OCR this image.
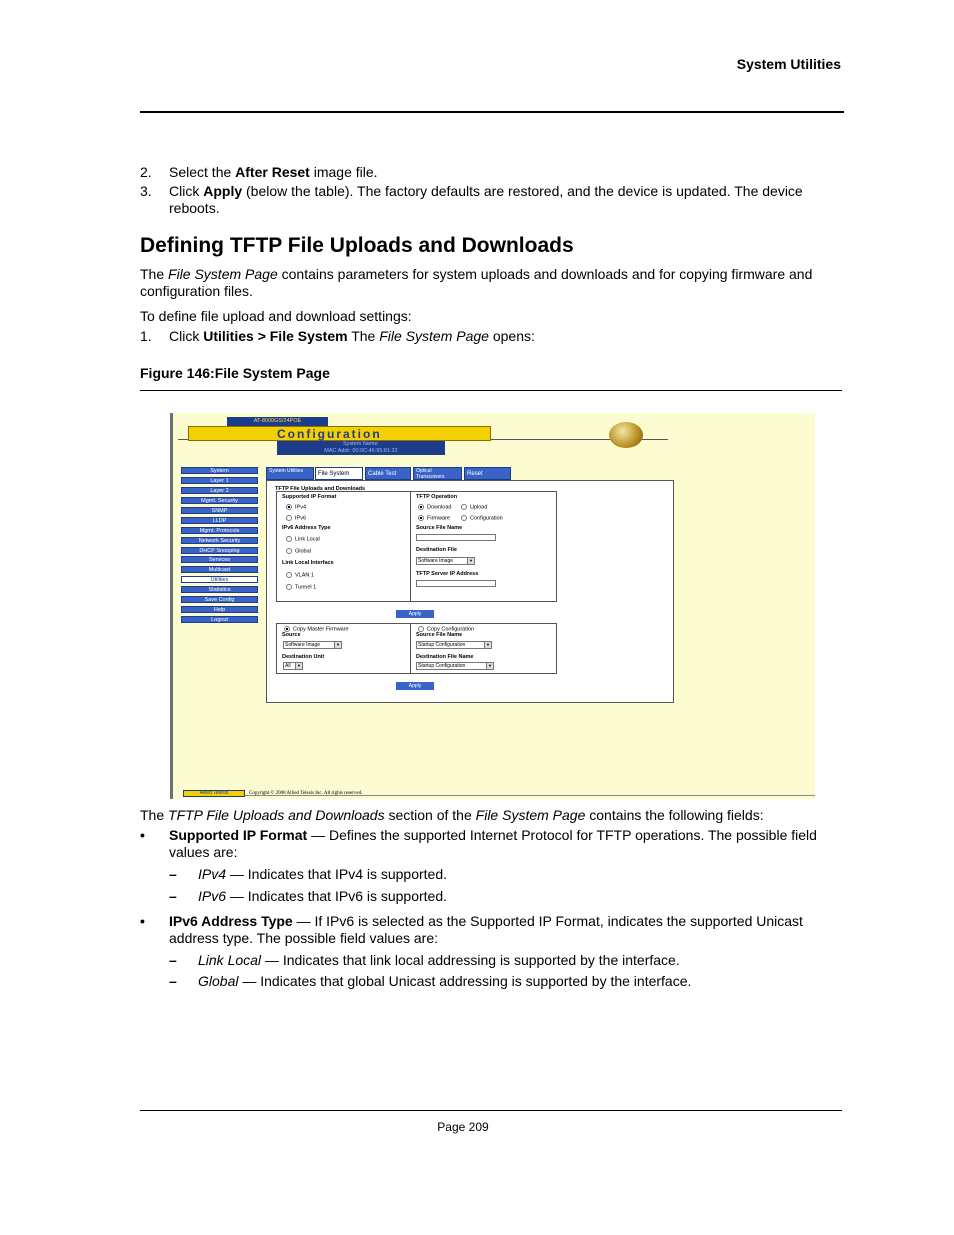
System Utilities
2. Select the After Reset image file.
3. Click Apply (below the table). The factory defaults are restored, and the device is updated. The device reboots.
Defining TFTP File Uploads and Downloads
The File System Page contains parameters for system uploads and downloads and for copying firmware and configuration files.
To define file upload and download settings:
1. Click Utilities > File System The File System Page opens:
Figure 146:File System Page
AT-8000GS/24POE
Configuration
System Name:
MAC Addr: 00:0C:46:95:81:32
System
Layer 1
Layer 2
Mgmt. Security
SNMP
LLDP
Mgmt. Protocols
Network Security
DHCP Snooping
Services
Multicast
Utilities
Statistics
Save Config
Help
Logout
System Utilities	File System	Cable Test	Optical Transceivers	Reset
TFTP File Uploads and Downloads
Supported IP Format
IPv4
IPv6
IPv6 Address Type
Link Local
Global
Link Local Interface
VLAN 1
Tunnel 1
TFTP Operation
Download	Upload
Firmware	Configuration
Source File Name
Destination File
Software Image	▼
TFTP Server IP Address
Apply
Copy Master Firmware
Source
Software Image	▼
Destination Unit
All	▼
Copy Configuration
Source File Name
Startup Configuration	▼
Destination File Name
Startup Configuration	▼
Apply
Allied Telesis	Copyright © 2008 Allied Telesis Inc. All rights reserved.
The TFTP File Uploads and Downloads section of the File System Page contains the following fields:
• Supported IP Format — Defines the supported Internet Protocol for TFTP operations. The possible field values are:
– IPv4 — Indicates that IPv4 is supported.
– IPv6 — Indicates that IPv6 is supported.
• IPv6 Address Type — If IPv6 is selected as the Supported IP Format, indicates the supported Unicast address type. The possible field values are:
– Link Local — Indicates that link local addressing is supported by the interface.
– Global — Indicates that global Unicast addressing is supported by the interface.
Page 209
